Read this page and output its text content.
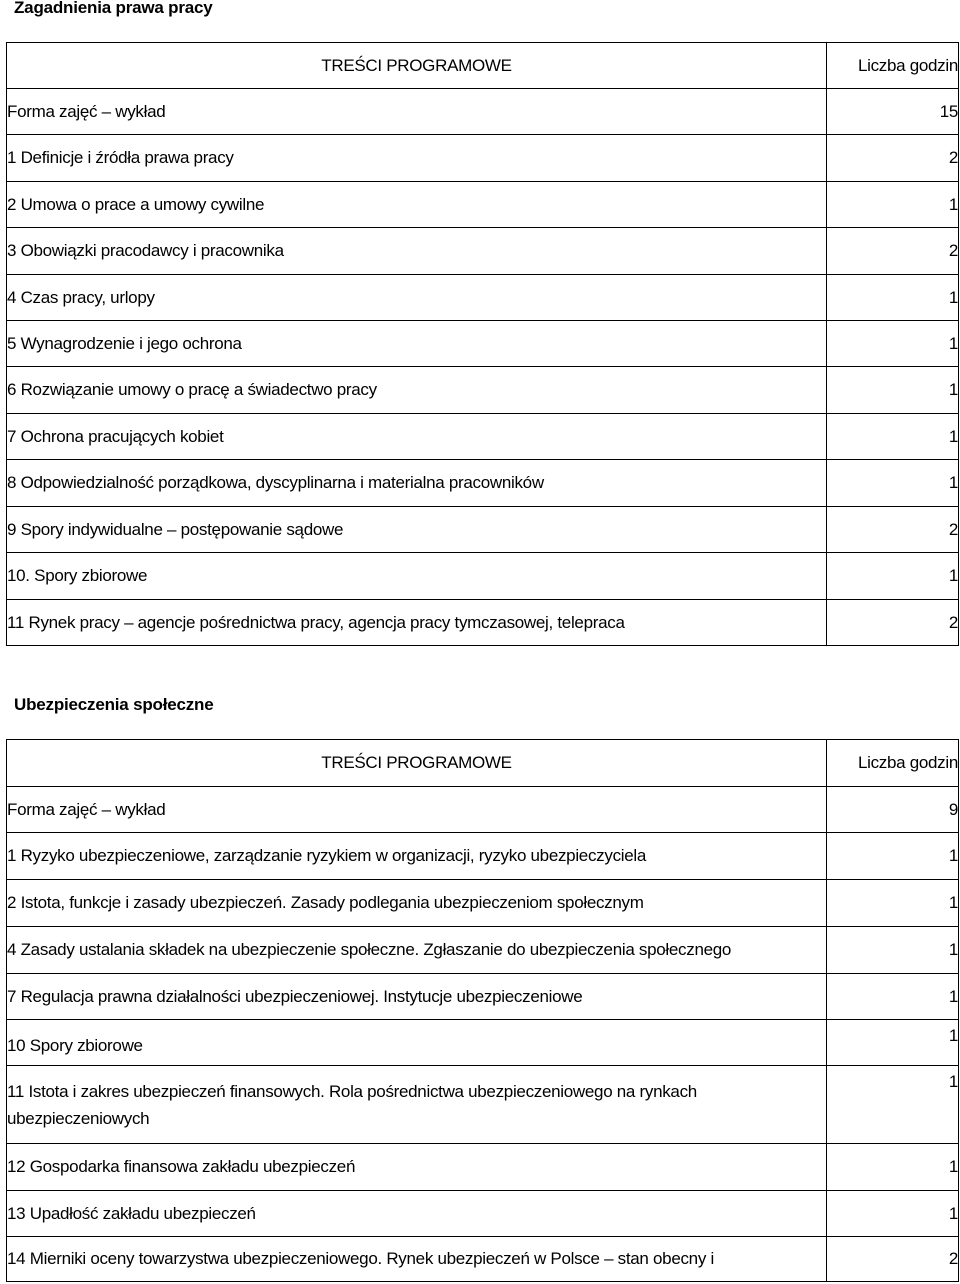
Zagadnienia prawa pracy
TREŚCI PROGRAMOWE	Liczba godzin
Forma zajęć – wykład	15
1 Definicje i źródła prawa pracy	2
2 Umowa o prace a umowy cywilne	1
3 Obowiązki pracodawcy i pracownika	2
4 Czas pracy, urlopy	1
5 Wynagrodzenie i jego ochrona	1
6 Rozwiązanie umowy o pracę a świadectwo pracy	1
7 Ochrona pracujących kobiet	1
8 Odpowiedzialność porządkowa, dyscyplinarna i materialna pracowników	1
9 Spory indywidualne – postępowanie sądowe	2
10. Spory zbiorowe	1
11 Rynek pracy – agencje pośrednictwa pracy, agencja pracy tymczasowej, telepraca	2
Ubezpieczenia społeczne
TREŚCI PROGRAMOWE	Liczba godzin
Forma zajęć – wykład	9
1 Ryzyko ubezpieczeniowe, zarządzanie ryzykiem w organizacji, ryzyko ubezpieczyciela	1
2 Istota, funkcje i zasady ubezpieczeń. Zasady podlegania ubezpieczeniom społecznym	1
4 Zasady ustalania składek na ubezpieczenie społeczne. Zgłaszanie do ubezpieczenia społecznego	1
7 Regulacja prawna działalności ubezpieczeniowej. Instytucje ubezpieczeniowe	1
10 Spory zbiorowe	1
11 Istota i zakres ubezpieczeń finansowych. Rola pośrednictwa ubezpieczeniowego na rynkach ubezpieczeniowych	1
12 Gospodarka finansowa zakładu ubezpieczeń	1
13 Upadłość zakładu ubezpieczeń	1
14 Mierniki oceny towarzystwa ubezpieczeniowego. Rynek ubezpieczeń w Polsce – stan obecny i	2
